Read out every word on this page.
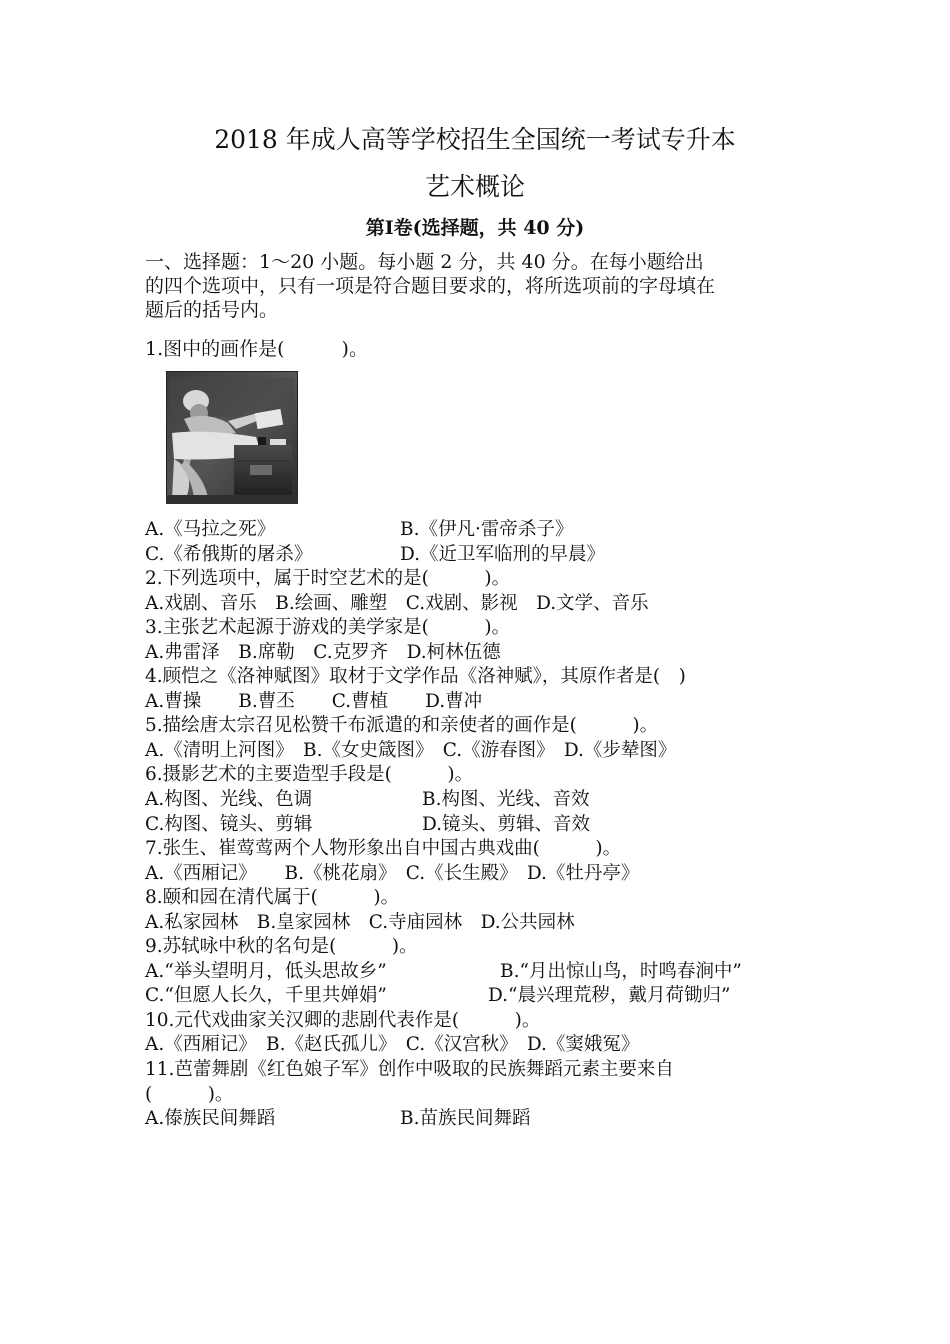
2018 年成人高等学校招生全国统一考试专升本
艺术概论
第Ⅰ卷(选择题，共 40 分)
一、选择题：1～20 小题。每小题 2 分，共 40 分。在每小题给出
的四个选项中，只有一项是符合题目要求的，将所选项前的字母填在
题后的括号内。
1.图中的画作是(　　　)。
A.《马拉之死》	B.《伊凡·雷帝杀子》
C.《希俄斯的屠杀》	D.《近卫军临刑的早晨》
2.下列选项中，属于时空艺术的是(　　　)。
A.戏剧、音乐　B.绘画、雕塑　C.戏剧、影视　D.文学、音乐
3.主张艺术起源于游戏的美学家是(　　　)。
A.弗雷泽　B.席勒　C.克罗齐　D.柯林伍德
4.顾恺之《洛神赋图》取材于文学作品《洛神赋》，其原作者是(　)
A.曹操　　B.曹丕　　C.曹植　　D.曹冲
5.描绘唐太宗召见松赞千布派遣的和亲使者的画作是(　　　)。
A.《清明上河图》　B.《女史箴图》　C.《游春图》　D.《步辇图》
6.摄影艺术的主要造型手段是(　　　)。
A.构图、光线、色调	B.构图、光线、音效
C.构图、镜头、剪辑	D.镜头、剪辑、音效
7.张生、崔莺莺两个人物形象出自中国古典戏曲(　　　)。
A.《西厢记》　　B.《桃花扇》　C.《长生殿》　D.《牡丹亭》
8.颐和园在清代属于(　　　)。
A.私家园林　B.皇家园林　C.寺庙园林　D.公共园林
9.苏轼咏中秋的名句是(　　　)。
A.“举头望明月，低头思故乡”	B.“月出惊山鸟，时鸣春涧中”
C.“但愿人长久，千里共婵娟”	D.“晨兴理荒秽，戴月荷锄归”
10.元代戏曲家关汉卿的悲剧代表作是(　　　)。
A.《西厢记》　B.《赵氏孤儿》　C.《汉宫秋》　D.《窦娥冤》
11.芭蕾舞剧《红色娘子军》创作中吸取的民族舞蹈元素主要来自
(　　　)。
A.傣族民间舞蹈	B.苗族民间舞蹈
